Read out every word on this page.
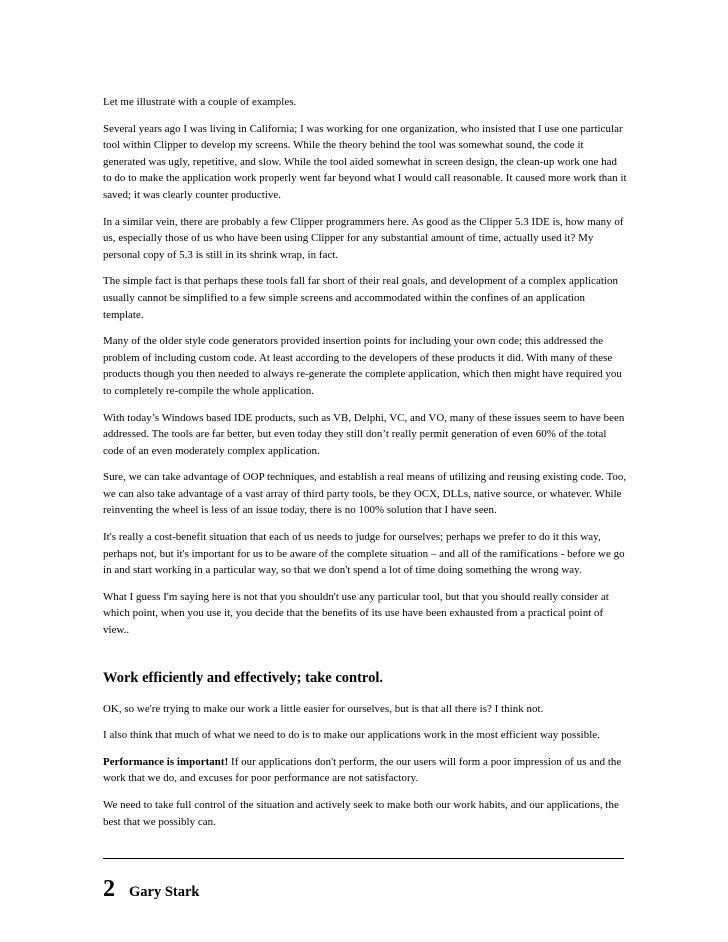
Let me illustrate with a couple of examples.

Several years ago I was living in California; I was working for one organization, who insisted that I use one particular tool within Clipper to develop my screens. While the theory behind the tool was somewhat sound, the code it generated was ugly, repetitive, and slow. While the tool aided somewhat in screen design, the clean-up work one had to do to make the application work properly went far beyond what I would call reasonable. It caused more work than it saved; it was clearly counter productive.

In a similar vein, there are probably a few Clipper programmers here. As good as the Clipper 5.3 IDE is, how many of us, especially those of us who have been using Clipper for any substantial amount of time, actually used it? My personal copy of 5.3 is still in its shrink wrap, in fact.

The simple fact is that perhaps these tools fall far short of their real goals, and development of a complex application usually cannot be simplified to a few simple screens and accommodated within the confines of an application template.

Many of the older style code generators provided insertion points for including your own code; this addressed the problem of including custom code. At least according to the developers of these products it did. With many of these products though you then needed to always re-generate the complete application, which then might have required you to completely re-compile the whole application.

With today’s Windows based IDE products, such as VB, Delphi, VC, and VO, many of these issues seem to have been addressed. The tools are far better, but even today they still don’t really permit generation of even 60% of the total code of an even moderately complex application.

Sure, we can take advantage of OOP techniques, and establish a real means of utilizing and reusing existing code. Too, we can also take advantage of a vast array of third party tools, be they OCX, DLLs, native source, or whatever. While reinventing the wheel is less of an issue today, there is no 100% solution that I have seen.

It's really a cost-benefit situation that each of us needs to judge for ourselves; perhaps we prefer to do it this way, perhaps not, but it's important for us to be aware of the complete situation – and all of the ramifications - before we go in and start working in a particular way, so that we don't spend a lot of time doing something the wrong way.

What I guess I'm saying here is not that you shouldn't use any particular tool, but that you should really consider at which point, when you use it, you decide that the benefits of its use have been exhausted from a practical point of view..

Work efficiently and effectively; take control.

OK, so we're trying to make our work a little easier for ourselves, but is that all there is? I think not.

I also think that much of what we need to do is to make our applications work in the most efficient way possible.

Performance is important! If our applications don't perform, the our users will form a poor impression of us and the work that we do, and excuses for poor performance are not satisfactory.

We need to take full control of the situation and actively seek to make both our work habits, and our applications, the best that we possibly can.

2 Gary Stark
